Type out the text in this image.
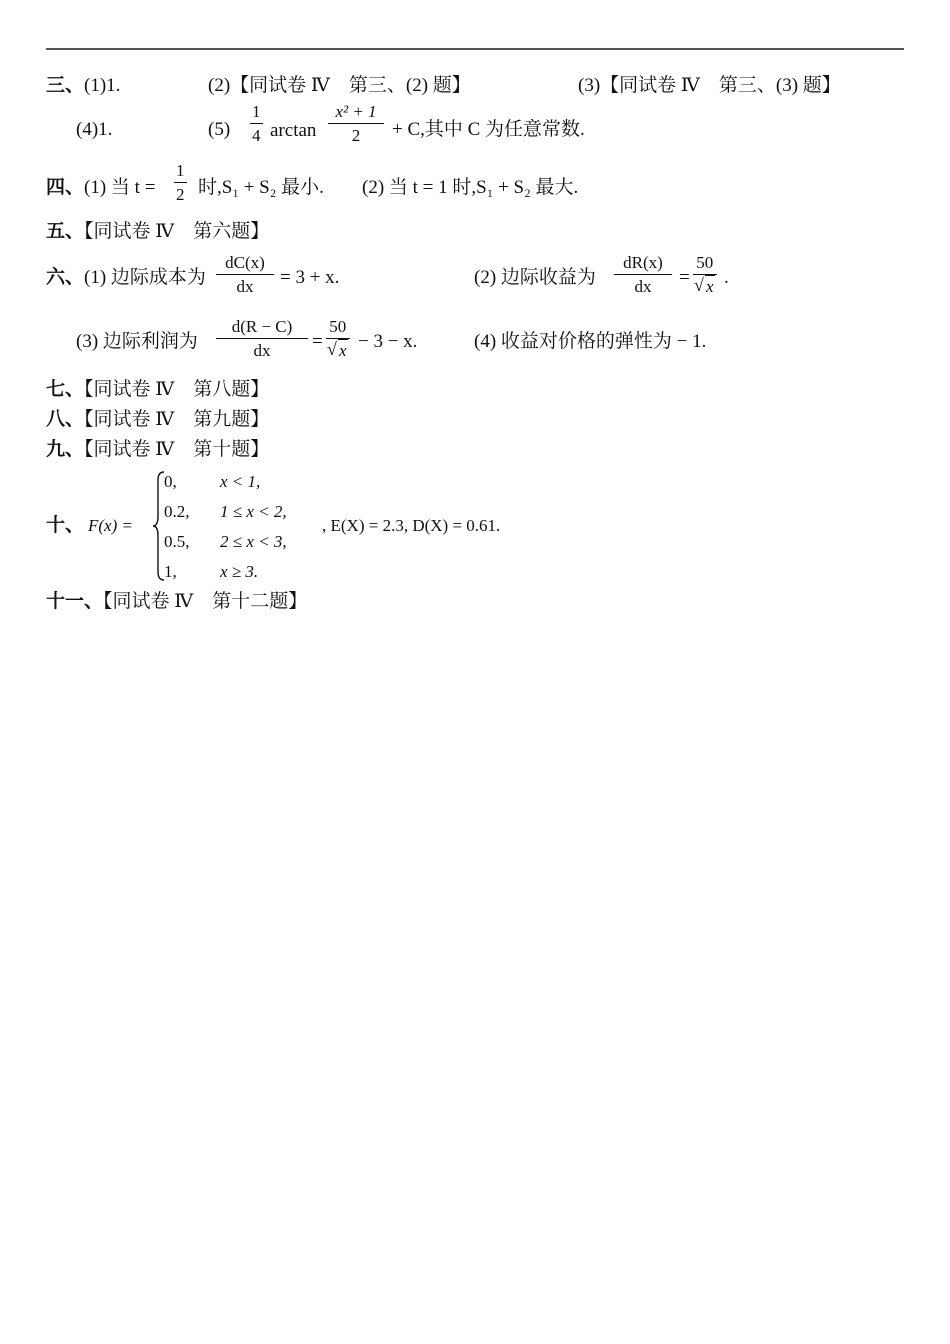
三、(1)1.	(2)【同试卷 Ⅳ　第三、(2) 题】	(3)【同试卷 Ⅳ　第三、(3) 题】
(4)1.	$(5) \frac{1}{4}$ $\arctan \frac{\text{x² + 1}}{2} + C$,其中 C 为任意常数.
四、(1) 当 $t = \frac{1}{2}$ 时,S₁ + S₂ 最小. (2) 当 t = 1 时,S₁ + S₂ 最大.
五、【同试卷 Ⅳ　第六题】
六、(1) 边际成本为 $\frac{dC(x)}{dx} = 3 + x$.	(2) 边际收益为 $\frac{dR(x)}{dx} = 50$
√ x .
(3) 边际利润为 $\frac{d(R - C)}{dx} = 50$
√ x − 3 − x.	(4) 收益对价格的弹性为 − 1.
七、【同试卷 Ⅳ　第八题】
八、【同试卷 Ⅳ　第九题】
九、【同试卷 Ⅳ　第十题】
十、 F(x) =
0,	x < 1,
0.2, 1 ≤ x < 2,
0.5, 2 ≤ x < 3,
1,	x ≥ 3.
, E(X) = 2.3, D(X) = 0.61.
十一、【同试卷 Ⅳ　第十二题】
